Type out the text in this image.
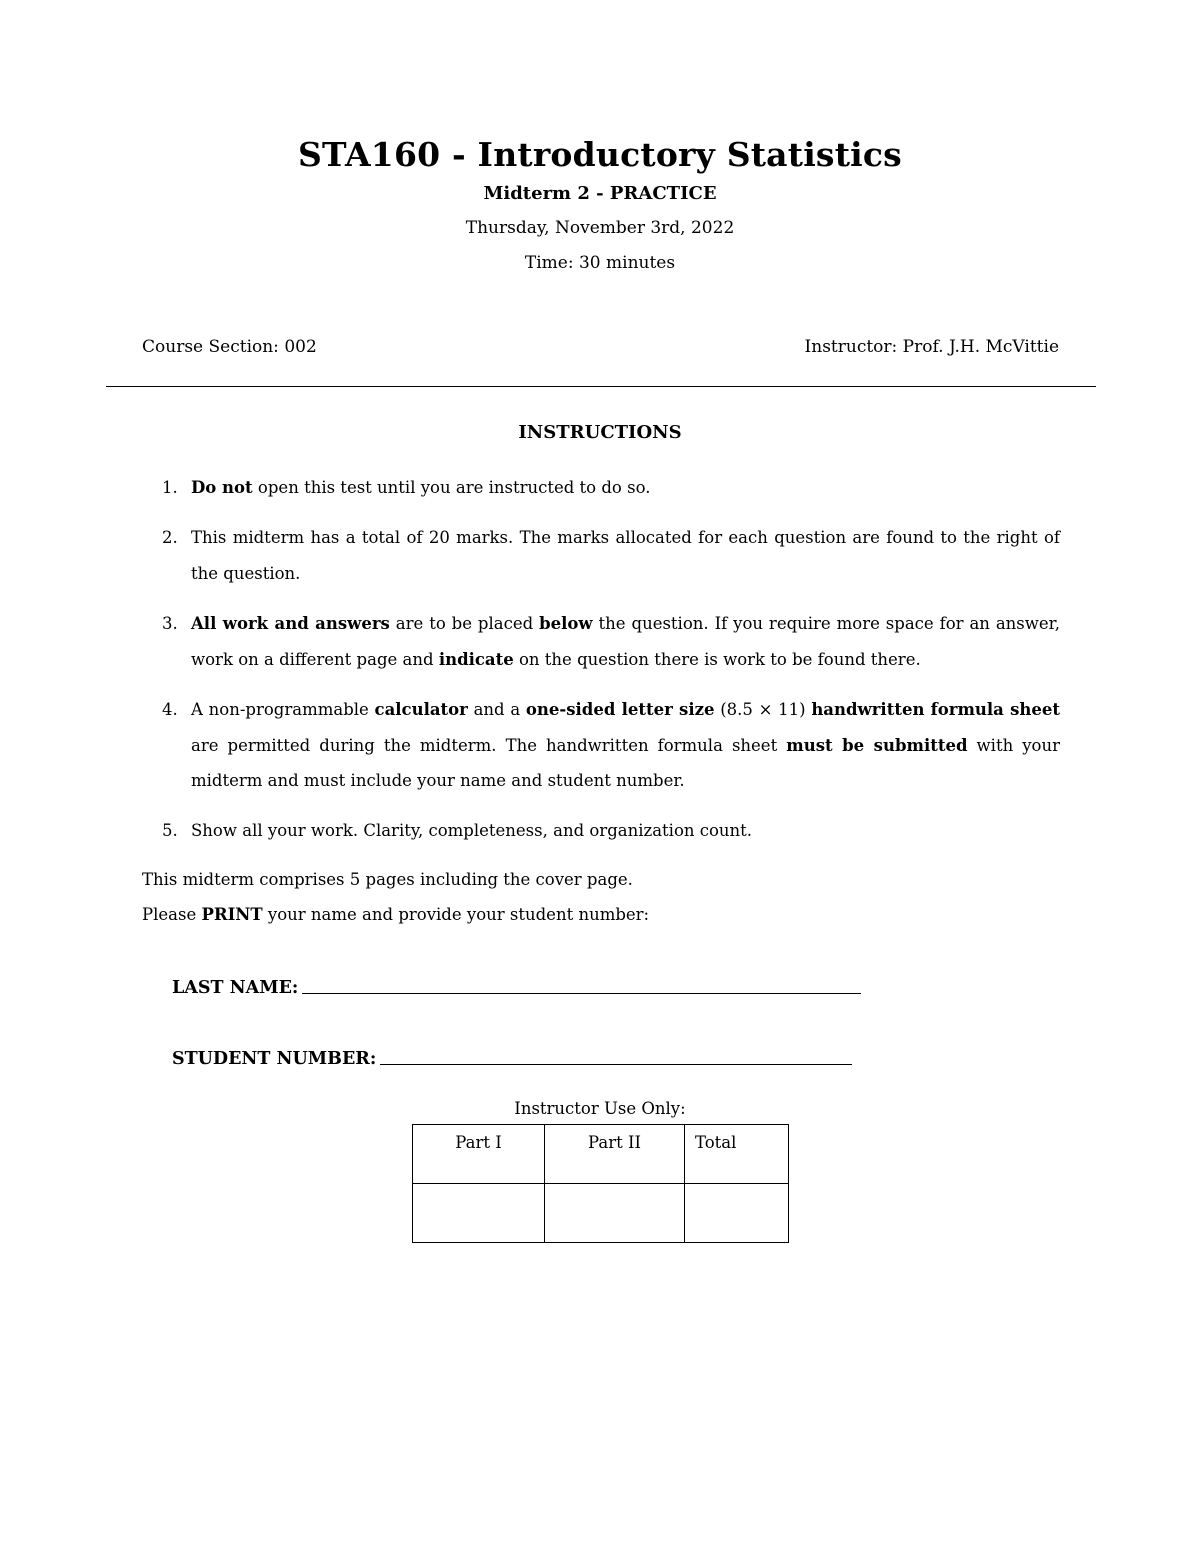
STA160 - Introductory Statistics
Midterm 2 - PRACTICE
Thursday, November 3rd, 2022
Time: 30 minutes
Course Section: 002	Instructor: Prof. J.H. McVittie
INSTRUCTIONS
1. Do not open this test until you are instructed to do so.
2. This midterm has a total of 20 marks. The marks allocated for each question are found to the right of the question.
3. All work and answers are to be placed below the question. If you require more space for an answer, work on a different page and indicate on the question there is work to be found there.
4. A non-programmable calculator and a one-sided letter size (8.5 × 11) handwritten formula sheet are permitted during the midterm. The handwritten formula sheet must be submitted with your midterm and must include your name and student number.
5. Show all your work. Clarity, completeness, and organization count.
This midterm comprises 5 pages including the cover page.
Please PRINT your name and provide your student number:
LAST NAME:
STUDENT NUMBER:
Instructor Use Only:
Part I	Part II	Total
